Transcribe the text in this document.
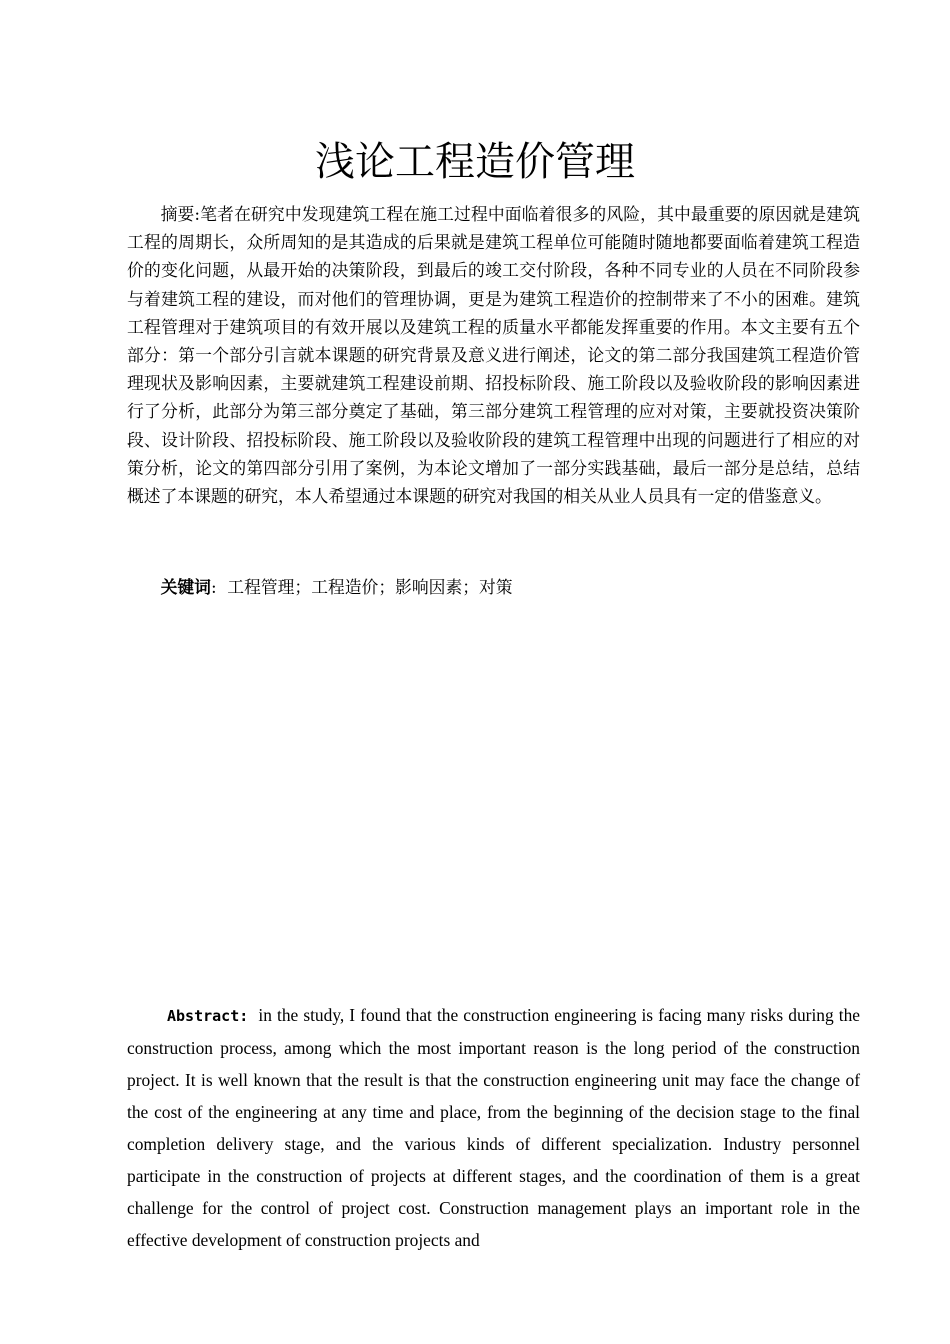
浅论工程造价管理

摘要:笔者在研究中发现建筑工程在施工过程中面临着很多的风险，其中最重要的原因就是建筑工程的周期长，众所周知的是其造成的后果就是建筑工程单位可能随时随地都要面临着建筑工程造价的变化问题，从最开始的决策阶段，到最后的竣工交付阶段，各种不同专业的人员在不同阶段参与着建筑工程的建设，而对他们的管理协调，更是为建筑工程造价的控制带来了不小的困难。建筑工程管理对于建筑项目的有效开展以及建筑工程的质量水平都能发挥重要的作用。本文主要有五个部分：第一个部分引言就本课题的研究背景及意义进行阐述，论文的第二部分我国建筑工程造价管理现状及影响因素，主要就建筑工程建设前期、招投标阶段、施工阶段以及验收阶段的影响因素进行了分析，此部分为第三部分奠定了基础，第三部分建筑工程管理的应对对策，主要就投资决策阶段、设计阶段、招投标阶段、施工阶段以及验收阶段的建筑工程管理中出现的问题进行了相应的对策分析，论文的第四部分引用了案例，为本论文增加了一部分实践基础，最后一部分是总结，总结概述了本课题的研究，本人希望通过本课题的研究对我国的相关从业人员具有一定的借鉴意义。

关键词: 工程管理；工程造价；影响因素；对策

Abstract: in the study, I found that the construction engineering is facing many risks during the construction process, among which the most important reason is the long period of the construction project. It is well known that the result is that the construction engineering unit may face the change of the cost of the engineering at any time and place, from the beginning of the decision stage to the final completion delivery stage, and the various kinds of different specialization. Industry personnel participate in the construction of projects at different stages, and the coordination of them is a great challenge for the control of project cost. Construction management plays an important role in the effective development of construction projects and
